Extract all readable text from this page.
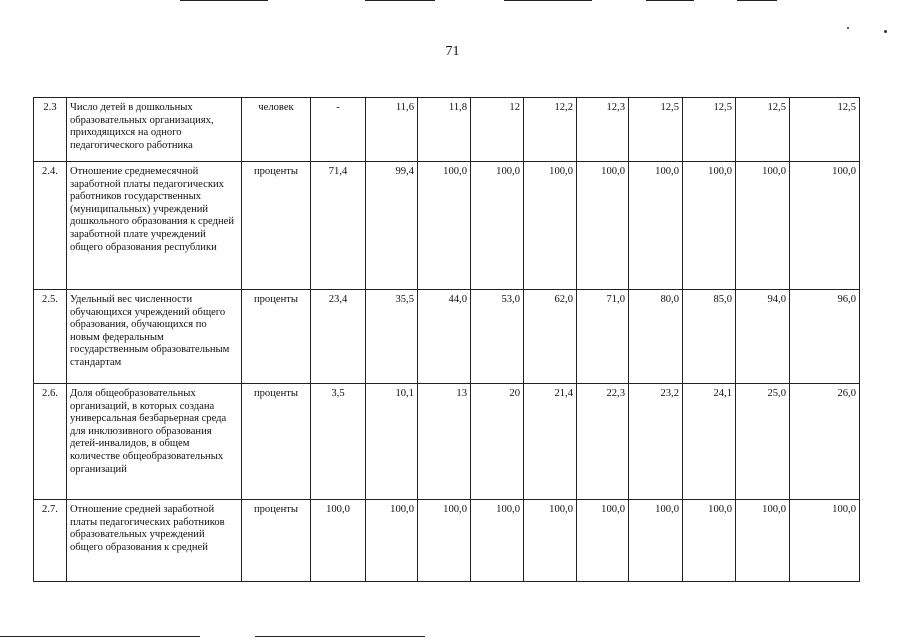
71
2.3	Число детей в дошкольных образовательных организациях, приходящихся на одного педагогического работника	человек	-	11,6	11,8	12	12,2	12,3	12,5	12,5	12,5	12,5	
2.4.	Отношение среднемесячной заработной платы педагогических работников государственных (муниципальных) учреждений дошкольного образования к средней заработной плате учреждений общего образования республики	проценты	71,4	99,4	100,0	100,0	100,0	100,0	100,0	100,0	100,0	100,0	
2.5.	Удельный вес численности обучающихся учреждений общего образования, обучающихся по новым федеральным государственным образовательным стандартам	проценты	23,4	35,5	44,0	53,0	62,0	71,0	80,0	85,0	94,0	96,0	
2.6.	Доля общеобразовательных организаций, в которых создана универсальная безбарьерная среда для инклюзивного образования детей-инвалидов, в общем количестве общеобразовательных организаций	проценты	3,5	10,1	13	20	21,4	22,3	23,2	24,1	25,0	26,0	
2.7.	Отношение средней заработной платы педагогических работников образовательных учреждений общего образования к средней	проценты	100,0	100,0	100,0	100,0	100,0	100,0	100,0	100,0	100,0	100,0	
